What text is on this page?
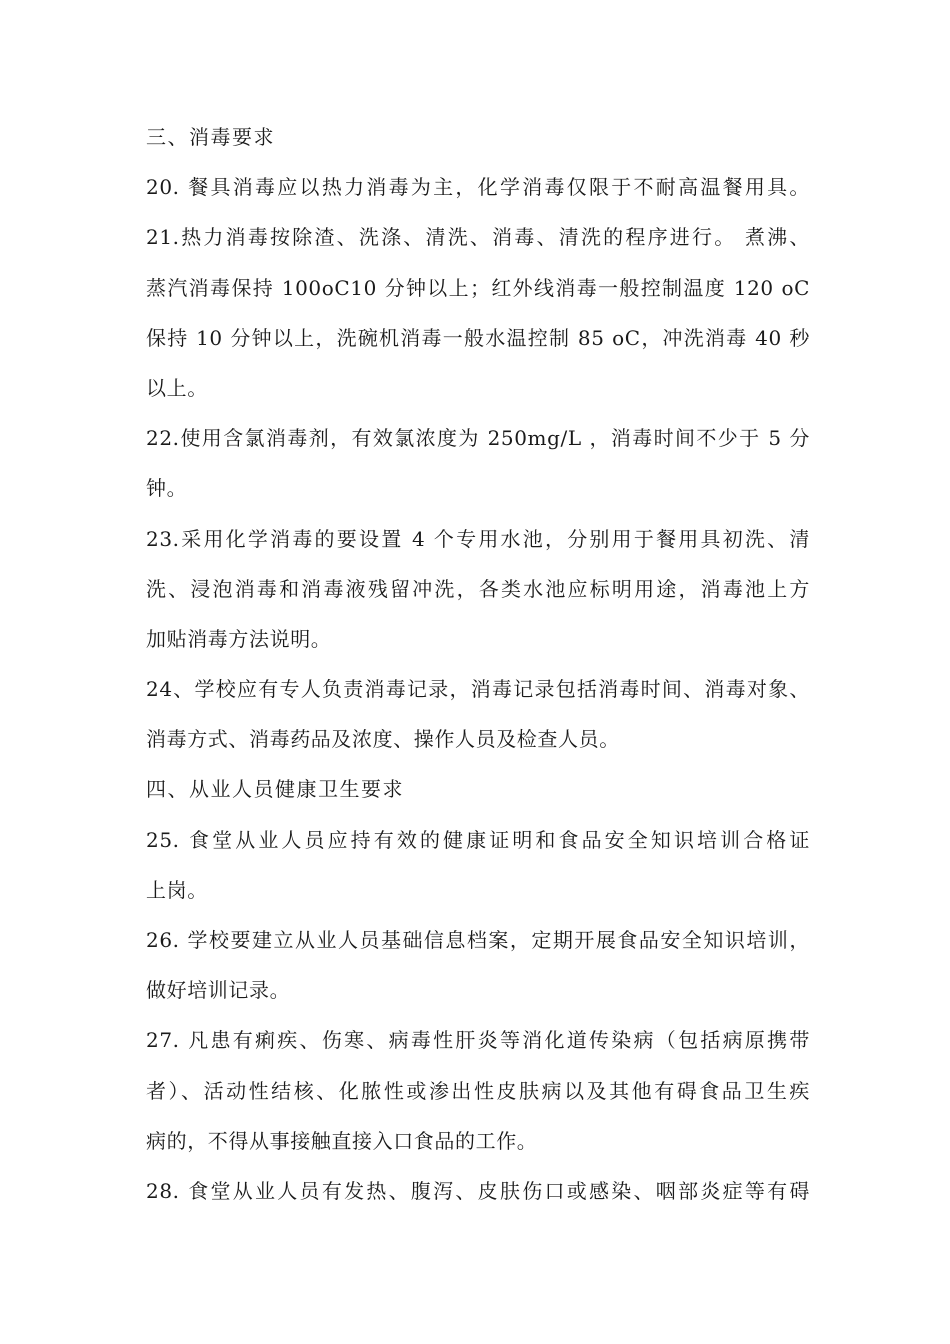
三、消毒要求
20. 餐具消毒应以热力消毒为主，化学消毒仅限于不耐高温餐用具。
21.热力消毒按除渣、洗涤、清洗、消毒、清洗的程序进行。 煮沸、
蒸汽消毒保持 100oC10 分钟以上；红外线消毒一般控制温度 120 oC
保持 10 分钟以上，洗碗机消毒一般水温控制 85 oC，冲洗消毒 40 秒
以上。
22.使用含氯消毒剂，有效氯浓度为 250mg/L ，消毒时间不少于 5 分
钟。
23.采用化学消毒的要设置 4 个专用水池，分别用于餐用具初洗、清
洗、浸泡消毒和消毒液残留冲洗，各类水池应标明用途，消毒池上方
加贴消毒方法说明。
24、学校应有专人负责消毒记录，消毒记录包括消毒时间、消毒对象、
消毒方式、消毒药品及浓度、操作人员及检查人员。
四、从业人员健康卫生要求
25. 食堂从业人员应持有效的健康证明和食品安全知识培训合格证
上岗。
26. 学校要建立从业人员基础信息档案，定期开展食品安全知识培训，
做好培训记录。
27. 凡患有痢疾、伤寒、病毒性肝炎等消化道传染病（包括病原携带
者）、活动性结核、化脓性或渗出性皮肤病以及其他有碍食品卫生疾
病的，不得从事接触直接入口食品的工作。
28. 食堂从业人员有发热、腹泻、皮肤伤口或感染、咽部炎症等有碍
